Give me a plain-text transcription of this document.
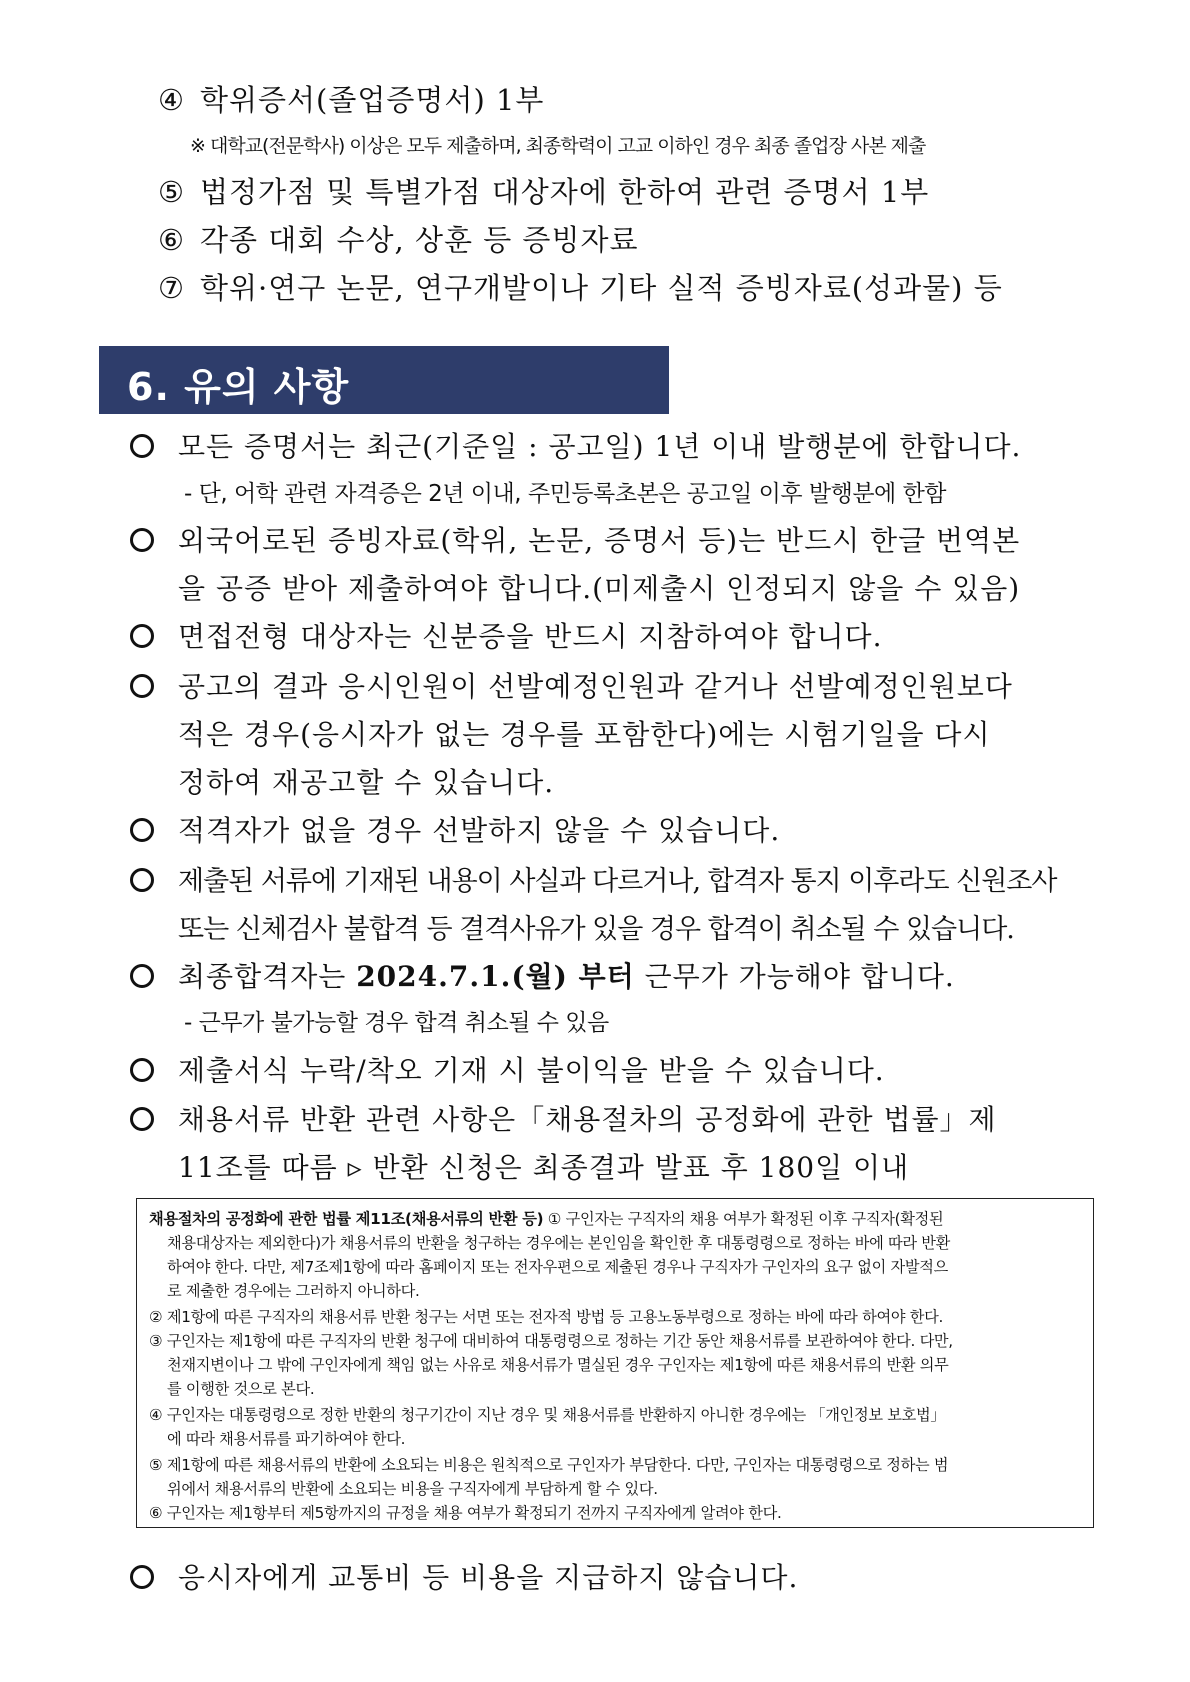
④ 학위증서(졸업증명서) 1부
※ 대학교(전문학사) 이상은 모두 제출하며, 최종학력이 고교 이하인 경우 최종 졸업장 사본 제출
⑤ 법정가점 및 특별가점 대상자에 한하여 관련 증명서 1부
⑥ 각종 대회 수상, 상훈 등 증빙자료
⑦ 학위·연구 논문, 연구개발이나 기타 실적 증빙자료(성과물) 등
6. 유의 사항
모든 증명서는 최근(기준일 : 공고일) 1년 이내 발행분에 한합니다.
- 단, 어학 관련 자격증은 2년 이내, 주민등록초본은 공고일 이후 발행분에 한함
외국어로된 증빙자료(학위, 논문, 증명서 등)는 반드시 한글 번역본
을 공증 받아 제출하여야 합니다.(미제출시 인정되지 않을 수 있음)
면접전형 대상자는 신분증을 반드시 지참하여야 합니다.
공고의 결과 응시인원이 선발예정인원과 같거나 선발예정인원보다
적은 경우(응시자가 없는 경우를 포함한다)에는 시험기일을 다시
정하여 재공고할 수 있습니다.
적격자가 없을 경우 선발하지 않을 수 있습니다.
제출된 서류에 기재된 내용이 사실과 다르거나, 합격자 통지 이후라도 신원조사
또는 신체검사 불합격 등 결격사유가 있을 경우 합격이 취소될 수 있습니다.
최종합격자는 2024.7.1.(월) 부터 근무가 가능해야 합니다.
- 근무가 불가능할 경우 합격 취소될 수 있음
제출서식 누락/착오 기재 시 불이익을 받을 수 있습니다.
채용서류 반환 관련 사항은「채용절차의 공정화에 관한 법률」제
11조를 따름 ▹ 반환 신청은 최종결과 발표 후 180일 이내
채용절차의 공정화에 관한 법률 제11조(채용서류의 반환 등) ① 구인자는 구직자의 채용 여부가 확정된 이후 구직자(확정된
채용대상자는 제외한다)가 채용서류의 반환을 청구하는 경우에는 본인임을 확인한 후 대통령령으로 정하는 바에 따라 반환
하여야 한다. 다만, 제7조제1항에 따라 홈페이지 또는 전자우편으로 제출된 경우나 구직자가 구인자의 요구 없이 자발적으
로 제출한 경우에는 그러하지 아니하다.
② 제1항에 따른 구직자의 채용서류 반환 청구는 서면 또는 전자적 방법 등 고용노동부령으로 정하는 바에 따라 하여야 한다.
③ 구인자는 제1항에 따른 구직자의 반환 청구에 대비하여 대통령령으로 정하는 기간 동안 채용서류를 보관하여야 한다. 다만,
천재지변이나 그 밖에 구인자에게 책임 없는 사유로 채용서류가 멸실된 경우 구인자는 제1항에 따른 채용서류의 반환 의무
를 이행한 것으로 본다.
④ 구인자는 대통령령으로 정한 반환의 청구기간이 지난 경우 및 채용서류를 반환하지 아니한 경우에는 「개인정보 보호법」
에 따라 채용서류를 파기하여야 한다.
⑤ 제1항에 따른 채용서류의 반환에 소요되는 비용은 원칙적으로 구인자가 부담한다. 다만, 구인자는 대통령령으로 정하는 범
위에서 채용서류의 반환에 소요되는 비용을 구직자에게 부담하게 할 수 있다.
⑥ 구인자는 제1항부터 제5항까지의 규정을 채용 여부가 확정되기 전까지 구직자에게 알려야 한다.
응시자에게 교통비 등 비용을 지급하지 않습니다.
